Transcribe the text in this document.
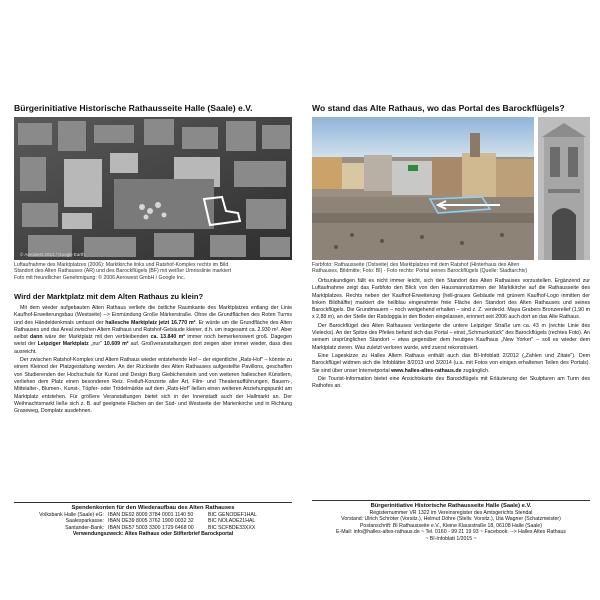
Bürgerinitiative Historische Rathausseite Halle (Saale) e.V.
© Aerowest 2013 / Google Earth
Luftaufnahme des Marktplatzes (2006): Marktkirche links und Ratshof-Komplex rechts im Bild
Standort des Alten Rathauses (AR) und des Barockflügels (BF) mit weißer Umrisslinie markiert
Foto mit freundlicher Genehmigung: © 2006 Aerowest GmbH / Google Inc.
Wird der Marktplatz mit dem Alten Rathaus zu klein?

Mit dem wieder aufgebauten Alten Rathaus verliefe die östliche Raumkante des Marktplatzes entlang der Linie Kaufhof-Erweiterungsbau (Westseite) --> Einmündung Große Märkerstraße. Ohne die Grundflächen des Roten Turms und des Händeldenkmals umfasst der hallesche Marktplatz jetzt 16.770 m². Er würde um die Grundfläche des Alten Rathauses und das Areal zwischen Altem Rathaus und Ratshof-Gebäude kleiner, d.h. um insgesamt ca. 2.930 m². Aber selbst dann wäre der Marktplatz mit den verbleibenden ca. 13.840 m² immer noch bemerkenswert groß. Dagegen weist der Leipziger Marktplatz „nur" 10.609 m² auf. Großveranstaltungen dort zeigen aber immer wieder, dass dies ausreicht.

Der zwischen Ratshof-Komplex und Altem Rathaus wieder entstehende Hof – der eigentliche „Rats-Hof" – könnte zu einem Kleinod der Platzgestaltung werden. An der Rückseite des Alten Rathauses aufgestellte Pavillons, geschaffen von Studierenden der Hochschule für Kunst und Design Burg Giebichenstein und von weiteren halleschen Künstlern, verliehen dem Platz einen besonderen Reiz. Freiluft-Konzerte aller Art, Film- und Theateraufführungen, Bauern-, Mittelalter-, Blumen-, Kunst-, Töpfer- oder Trödelmärkte auf dem „Rats-Hof" ließen einen weiteren Anziehungspunkt am Marktplatz entstehen. Für größere Veranstaltungen bietet sich in der Innenstadt auch der Hallmarkt an. Der Weihnachtsmarkt ließe sich z. B. auf geeignete Flächen an der Süd- und Westseite der Marienkirche und in Richtung Graseweg, Domplatz ausdehnen.

Spendenkonten für den Wiederaufbau des Alten Rathauses
Volksbank Halle (Saale) eG: IBAN DE92 8009 3784 0001 1140 50	BIC GENODEF1HAL
Saalesparkasse: IBAN DE39 8005 3762 1900 0032 32	BIC NOLADE21HAL
Santander-Bank: IBAN DE57 5003 3300 1729 6468 00	BIC SCFBDE33XXX
Verwendungszweck: Altes Rathaus oder Stifterbrief Barockportal
Wo stand das Alte Rathaus, wo das Portal des Barockflügels?
Farbfoto: Rathausseite (Ostseite) des Marktplatzes mit dem Ratshof (Hinterhaus des Alten
Rathauses, Bildmitte; Foto: BI) - Foto rechts: Portal seines Barockflügels (Quelle: Stadtarchiv)

Ortsunkundigen fällt es nicht immer leicht, sich den Standort des Alten Rathauses vorzustellen. Ergänzend zur Luftaufnahme zeigt das Farbfoto den Blick von den Hausmannstürmen der Marktkirche auf die Rathausseite des Marktplatzes. Rechts neben der Kaufhof-Erweiterung (hell-graues Gebäude mit grünem Kaufhof-Logo inmitten der linken Bildhälfte) markiert die hellblau eingerahmte freie Fläche den Standort des Alten Rathauses und seines Barockflügels. Die Grundmauern – noch weitgehend erhalten – sind z. Z. verdeckt. Maya Grabers Bronzerelief (1,90 m x 2,88 m), an der Stelle der Ratsloggia in den Boden eingelassen, erinnert seit 2006 auch dort an das Alte Rathaus.

Der Barockflügel des Alten Rathauses verlängerte die untere Leipziger Straße um ca. 43 m (rechte Linie des Vielecks). An der Spitze des Pfeiles befand sich das Portal – einst „Schmuckstück" des Barockflügels (rechtes Foto). An seinem ursprünglichen Standort – etwa gegenüber dem heutigen Kaufhaus „New Yorker" – soll es wieder dem Marktplatz zieren. Was zuletzt verloren wurde, wird zuerst rekonstruiert.

Eine Lageskizze zu Halles Altem Rathaus enthält auch das BI-Infoblatt 2/2012 („Zahlen und Zitate"). Dem Barockflügel widmen sich die Infoblätter 8/2013 und 3/2014 (u.a. mit Fotos von einigen erhaltenen Teilen des Portals). Sie sind über unser Internetportal www.halles-altes-rathaus.de zugänglich.

Die Tourist-Information bietet eine Ansichtskarte des Barockflügels mit Erläuterung der Skulpturen am Turm des Rathofes an.

Bürgerinitiative Historische Rathausseite Halle (Saale) e.V.
Registernummer VR 1322 im Vereinsregister des Amtsgerichts Stendal
Vorstand: Ulrich Schröter (Vorsitz.), Helmut Döhre (Stellv. Vorsitz.), Uta Wagner (Schatzmeister)
Postanschrift: BI Rathausseite e.V., Kleine Klausstraße 18, 06108 Halle (Saale)
E-Mail: info@halles-altes-rathaus.de ~ Tel. 0160 - 99 21 19 93 ~ Facebook: --> Halles Altes Rathaus
~ BI-Infoblatt 1/2015 ~
